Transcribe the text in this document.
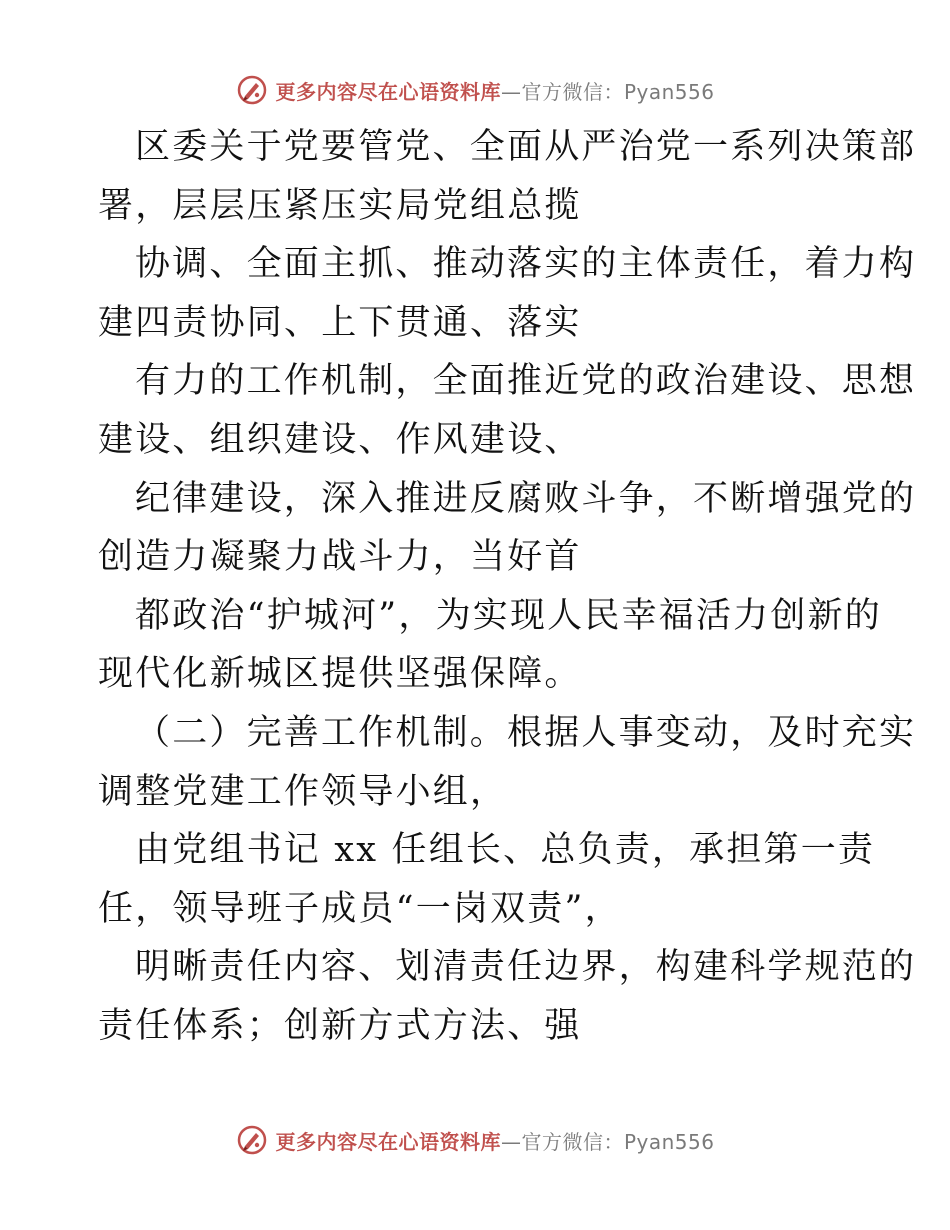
更多内容尽在心语资料库—官方微信：Pyan556
区委关于党要管党、全面从严治党一系列决策部
署，层层压紧压实局党组总揽
协调、全面主抓、推动落实的主体责任，着力构
建四责协同、上下贯通、落实
有力的工作机制，全面推近党的政治建设、思想
建设、组织建设、作风建设、
纪律建设，深入推进反腐败斗争，不断增强党的
创造力凝聚力战斗力，当好首
都政治“护城河”，为实现人民幸福活力创新的
现代化新城区提供坚强保障。
（二）完善工作机制。根据人事变动，及时充实
调整党建工作领导小组，
由党组书记 xx 任组长、总负责，承担第一责
任，领导班子成员“一岗双责”，
明晰责任内容、划清责任边界，构建科学规范的
责任体系；创新方式方法、强
更多内容尽在心语资料库—官方微信：Pyan556
